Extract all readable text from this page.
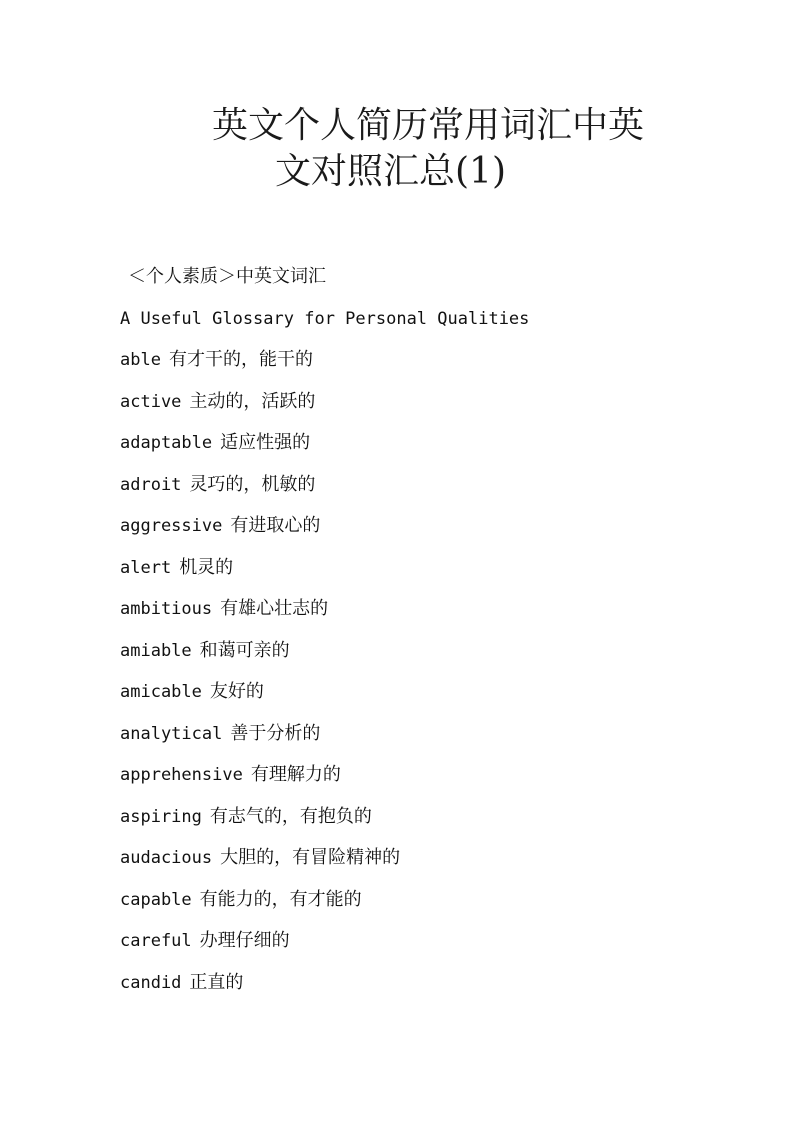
英文个人简历常用词汇中英
文对照汇总(1)
＜个人素质＞中英文词汇
A Useful Glossary for Personal Qualities
able 有才干的，能干的
active 主动的，活跃的
adaptable 适应性强的
adroit 灵巧的，机敏的
aggressive 有进取心的
alert 机灵的
ambitious 有雄心壮志的
amiable 和蔼可亲的
amicable 友好的
analytical 善于分析的
apprehensive 有理解力的
aspiring 有志气的，有抱负的
audacious 大胆的，有冒险精神的
capable 有能力的，有才能的
careful 办理仔细的
candid 正直的
